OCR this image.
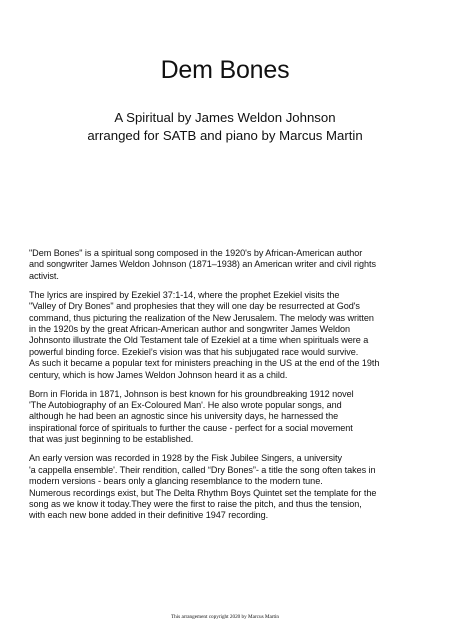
Dem Bones

A Spiritual by James Weldon Johnson

arranged for SATB and piano by Marcus Martin

"Dem Bones" is a spiritual song composed in the 1920's by African-American author
and songwriter James Weldon Johnson (1871–1938) an American writer and civil rights
activist.

The lyrics are inspired by Ezekiel 37:1-14, where the prophet Ezekiel visits the
"Valley of Dry Bones" and prophesies that they will one day be resurrected at God's
command, thus picturing the realization of the New Jerusalem. The melody was written
in the 1920s by the great African-American author and songwriter James Weldon
Johnsonto illustrate the Old Testament tale of Ezekiel at a time when spirituals were a
powerful binding force. Ezekiel’s vision was that his subjugated race would survive.
As such it became a popular text for ministers preaching in the US at the end of the 19th
century, which is how James Weldon Johnson heard it as a child.

Born in Florida in 1871, Johnson is best known for his groundbreaking 1912 novel
'The Autobiography of an Ex-Coloured Man'. He also wrote popular songs, and
although he had been an agnostic since his university days, he harnessed the
inspirational force of spirituals to further the cause - perfect for a social movement
that was just beginning to be established.

An early version was recorded in 1928 by the Fisk Jubilee Singers, a university
'a cappella ensemble'. Their rendition, called “Dry Bones”- a title the song often takes in
modern versions - bears only a glancing resemblance to the modern tune.
Numerous recordings exist, but The Delta Rhythm Boys Quintet set the template for the
song as we know it today.They were the first to raise the pitch, and thus the tension,
with each new bone added in their definitive 1947 recording.

This arrangement copyright 2020 by Marcus Martin
